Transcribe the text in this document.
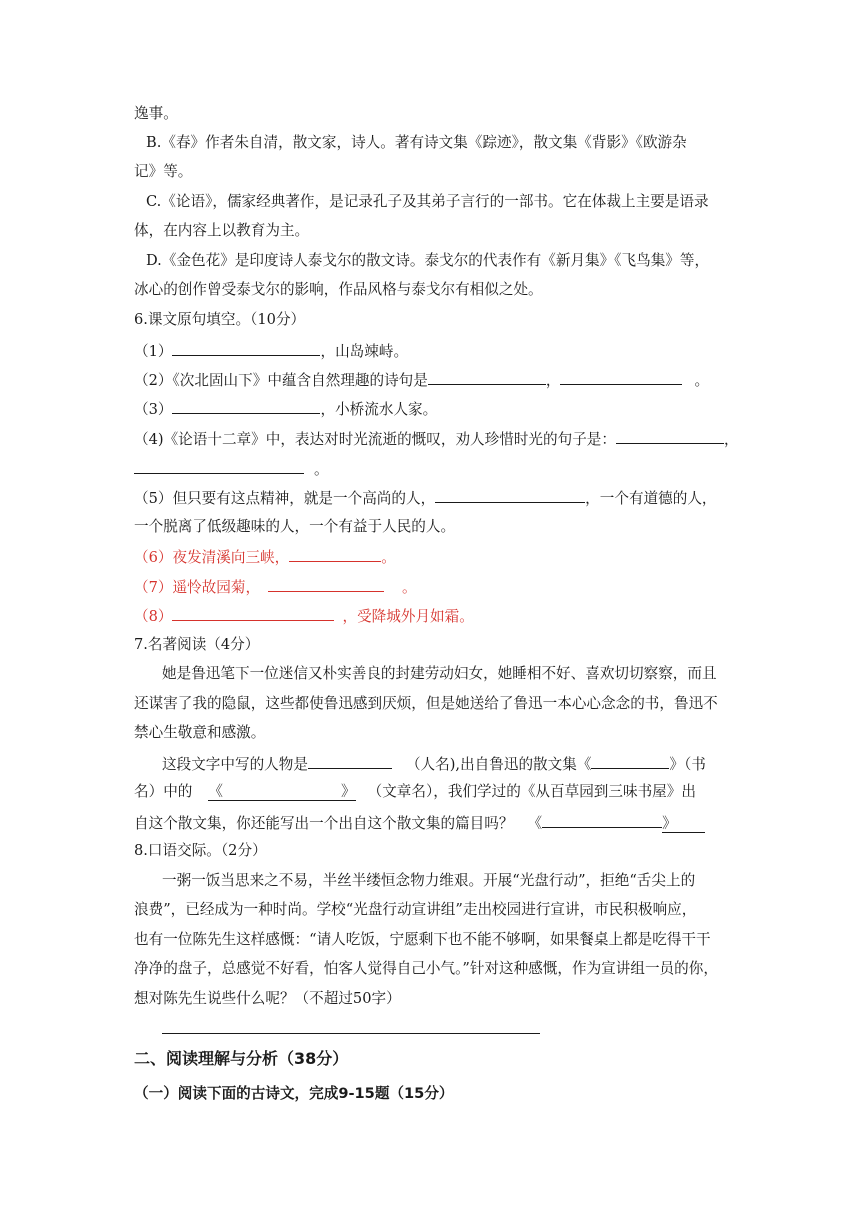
逸事。
B.《春》作者朱自清，散文家，诗人。著有诗文集《踪迹》，散文集《背影》《欧游杂
记》等。
C.《论语》，儒家经典著作，是记录孔子及其弟子言行的一部书。它在体裁上主要是语录
体，在内容上以教育为主。
D.《金色花》是印度诗人泰戈尔的散文诗。泰戈尔的代表作有《新月集》《飞鸟集》等，
冰心的创作曾受泰戈尔的影响，作品风格与泰戈尔有相似之处。
6.课文原句填空。（10分）
（1）	，山岛竦峙。
（2）《次北固山下》中蕴含自然理趣的诗句是	，	。
（3）	，小桥流水人家。
（4)《论语十二章》中，表达对时光流逝的慨叹，劝人珍惜时光的句子是：	，
。
（5）但只要有这点精神，就是一个高尚的人，	，一个有道德的人，
一个脱离了低级趣味的人，一个有益于人民的人。
（6）夜发清溪向三峡，	。
（7）遥怜故园菊，	。
（8）	，受降城外月如霜。
7.名著阅读（4分）
她是鲁迅笔下一位迷信又朴实善良的封建劳动妇女，她睡相不好、喜欢切切察察，而且
还谋害了我的隐鼠，这些都使鲁迅感到厌烦，但是她送给了鲁迅一本心心念念的书，鲁迅不
禁心生敬意和感激。
这段文字中写的人物是	（人名),出自鲁迅的散文集《	》（书
名）中的 《	》 （文章名），我们学过的《从百草园到三味书屋》出
自这个散文集，你还能写出一个出自这个散文集的篇目吗？ 《	》
8.口语交际。（2分）
一粥一饭当思来之不易，半丝半缕恒念物力维艰。开展“光盘行动”，拒绝“舌尖上的
浪费”，已经成为一种时尚。学校“光盘行动宣讲组”走出校园进行宣讲，市民积极响应，
也有一位陈先生这样感慨：“请人吃饭，宁愿剩下也不能不够啊，如果餐桌上都是吃得干干
净净的盘子，总感觉不好看，怕客人觉得自己小气。”针对这种感慨，作为宣讲组一员的你，
想对陈先生说些什么呢？（不超过50字）
二、阅读理解与分析（38分）
（一）阅读下面的古诗文，完成9-15题（15分）
